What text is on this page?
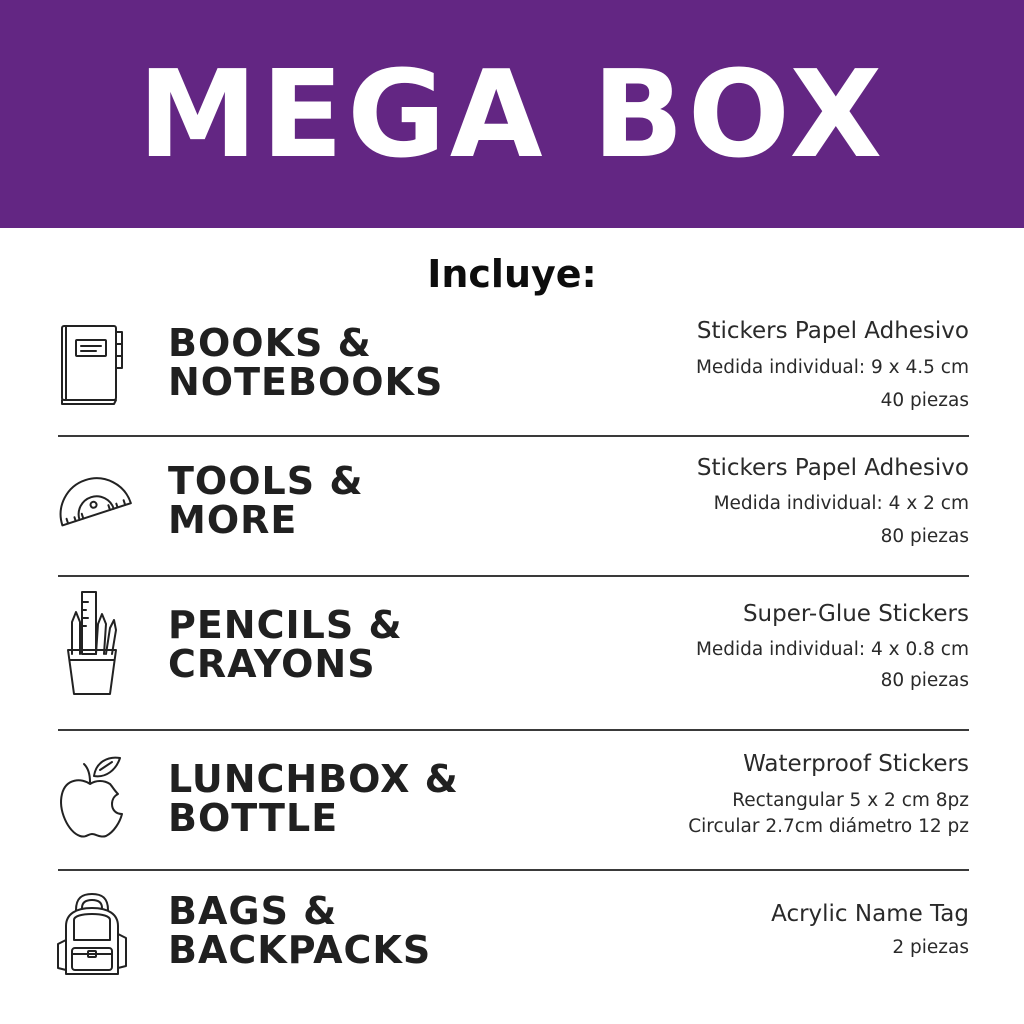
MEGA BOX
Incluye:
BOOKS &
NOTEBOOKS
Stickers Papel Adhesivo
Medida individual: 9 x 4.5 cm
40 piezas
TOOLS &
MORE
Stickers Papel Adhesivo
Medida individual: 4 x 2 cm
80 piezas
PENCILS &
CRAYONS
Super-Glue Stickers
Medida individual: 4 x 0.8 cm
80 piezas
LUNCHBOX &
BOTTLE
Waterproof Stickers
Rectangular 5 x 2 cm 8pz
Circular 2.7cm diámetro 12 pz
BAGS &
BACKPACKS
Acrylic Name Tag
2 piezas
